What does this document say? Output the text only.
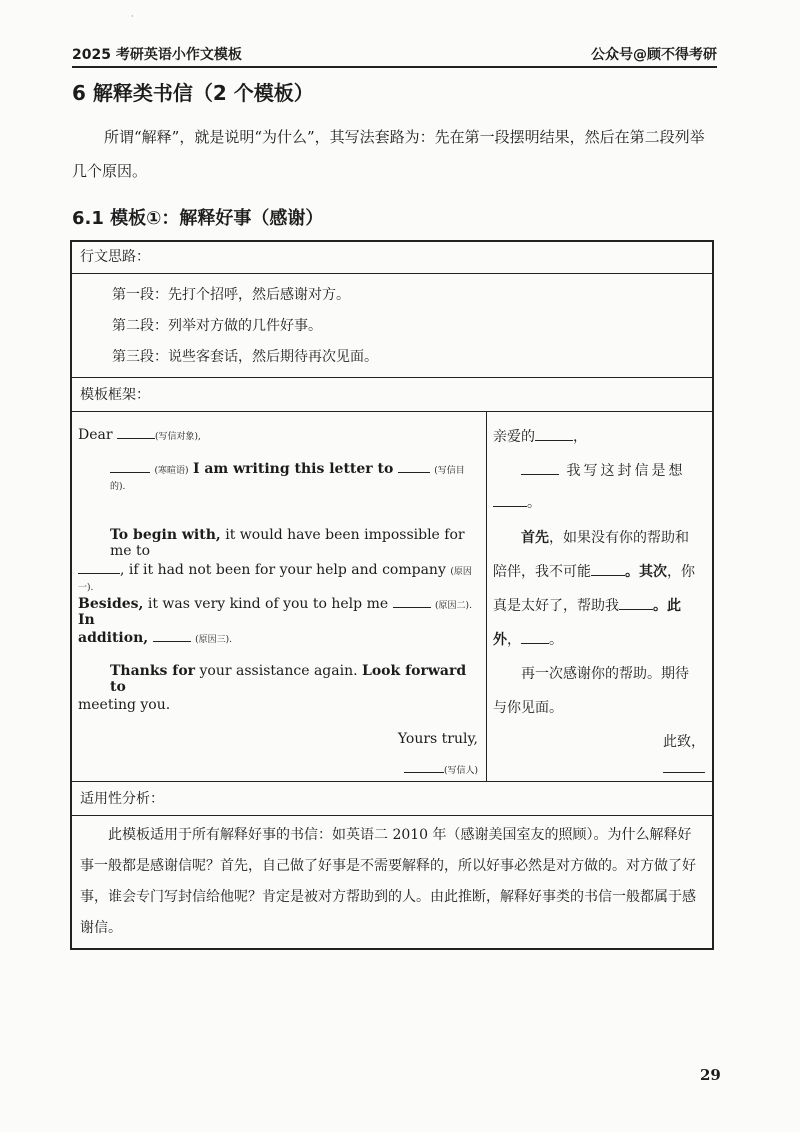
·
2025 考研英语小作文模板	公众号@顾不得考研
6 解释类书信（2 个模板）

所谓“解释”，就是说明“为什么”，其写法套路为：先在第一段摆明结果，然后在第二段列举几个原因。

6.1 模板①：解释好事（感谢）
行文思路：

第一段：先打个招呼，然后感谢对方。

第二段：列举对方做的几件好事。

第三段：说些客套话，然后期待再次见面。

模板框架：
Dear	(写信对象),
(寒暄语) I am writing this letter to	(写信目的).
To begin with, it would have been impossible for me to
, if it had not been for your help and company (原因一).
Besides, it was very kind of you to help me	(原因二). In
addition,	(原因三).
Thanks for your assistance again. Look forward to
meeting you.
Yours truly,
(写信人)
亲爱的	，
我写这封信是想
。
首先，如果没有你的帮助和
陪伴，我不可能 。其次，你
真是太好了，帮助我 。此
外， 。
再一次感谢你的帮助。期待
与你见面。
此致，
适用性分析：

此模板适用于所有解释好事的书信：如英语二 2010 年（感谢美国室友的照顾）。为什么解释好事一般都是感谢信呢？首先，自己做了好事是不需要解释的，所以好事必然是对方做的。对方做了好事，谁会专门写封信给他呢？肯定是被对方帮助到的人。由此推断，解释好事类的书信一般都属于感谢信。

29
